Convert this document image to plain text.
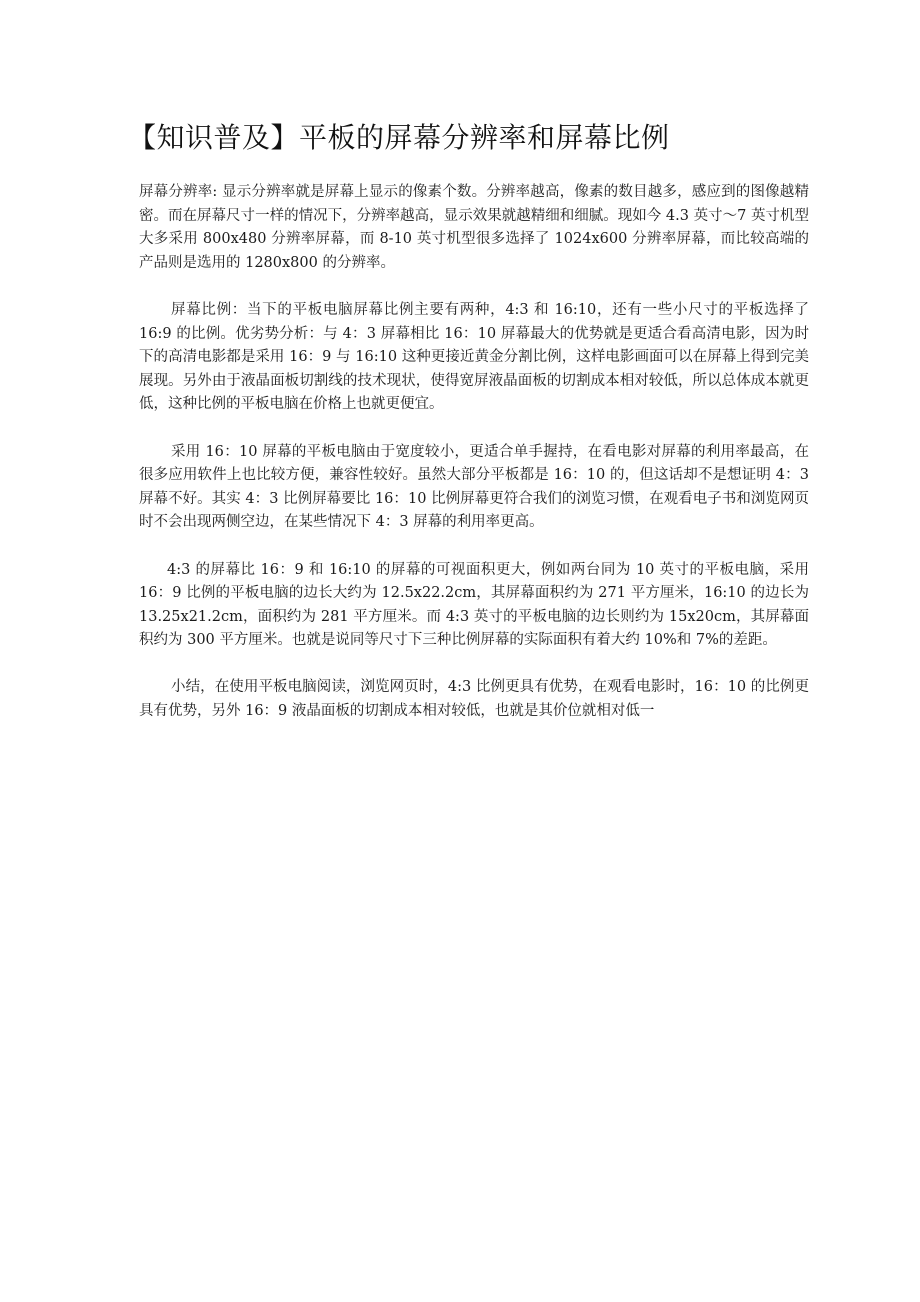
【知识普及】平板的屏幕分辨率和屏幕比例

屏幕分辨率: 显示分辨率就是屏幕上显示的像素个数。分辨率越高，像素的数目越多，感应到的图像越精密。而在屏幕尺寸一样的情况下，分辨率越高，显示效果就越精细和细腻。现如今 4.3 英寸～7 英寸机型大多采用 800x480 分辨率屏幕，而 8-10 英寸机型很多选择了 1024x600 分辨率屏幕，而比较高端的产品则是选用的 1280x800 的分辨率。

屏幕比例：当下的平板电脑屏幕比例主要有两种，4:3 和 16:10，还有一些小尺寸的平板选择了 16:9 的比例。优劣势分析：与 4：3 屏幕相比 16：10 屏幕最大的优势就是更适合看高清电影，因为时下的高清电影都是采用 16：9 与 16:10 这种更接近黄金分割比例，这样电影画面可以在屏幕上得到完美展现。另外由于液晶面板切割线的技术现状，使得宽屏液晶面板的切割成本相对较低，所以总体成本就更低，这种比例的平板电脑在价格上也就更便宜。

采用 16：10 屏幕的平板电脑由于宽度较小，更适合单手握持，在看电影对屏幕的利用率最高，在很多应用软件上也比较方便，兼容性较好。虽然大部分平板都是 16：10 的，但这话却不是想证明 4：3 屏幕不好。其实 4：3 比例屏幕要比 16：10 比例屏幕更符合我们的浏览习惯，在观看电子书和浏览网页时不会出现两侧空边，在某些情况下 4：3 屏幕的利用率更高。

4:3 的屏幕比 16：9 和 16:10 的屏幕的可视面积更大，例如两台同为 10 英寸的平板电脑，采用 16：9 比例的平板电脑的边长大约为 12.5x22.2cm，其屏幕面积约为 271 平方厘米，16:10 的边长为 13.25x21.2cm，面积约为 281 平方厘米。而 4:3 英寸的平板电脑的边长则约为 15x20cm，其屏幕面积约为 300 平方厘米。也就是说同等尺寸下三种比例屏幕的实际面积有着大约 10%和 7%的差距。

小结，在使用平板电脑阅读，浏览网页时，4:3 比例更具有优势，在观看电影时，16：10 的比例更具有优势，另外 16：9 液晶面板的切割成本相对较低，也就是其价位就相对低一
